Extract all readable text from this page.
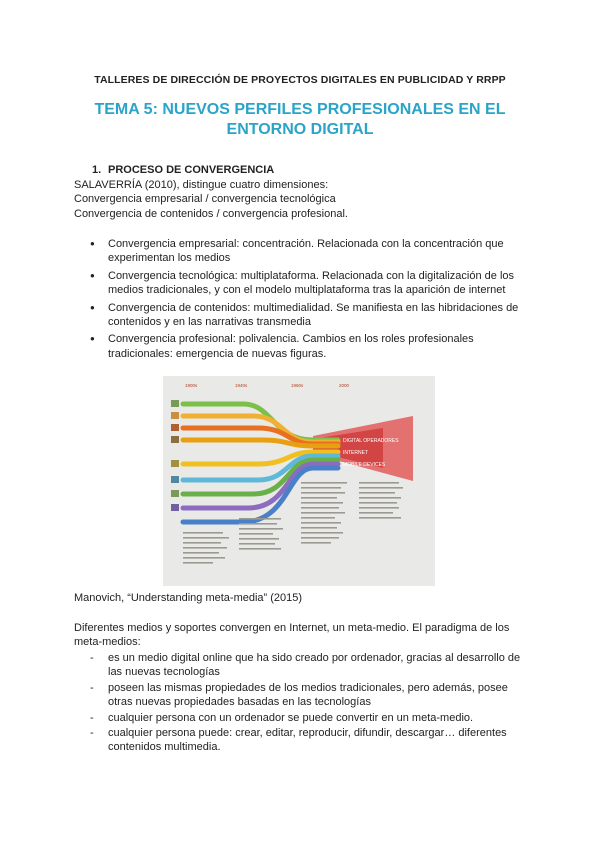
TALLERES DE DIRECCIÓN DE PROYECTOS DIGITALES EN PUBLICIDAD Y RRPP
TEMA 5: NUEVOS PERFILES PROFESIONALES EN EL ENTORNO DIGITAL
1. PROCESO DE CONVERGENCIA
SALAVERRÍA (2010), distingue cuatro dimensiones:
Convergencia empresarial / convergencia tecnológica
Convergencia de contenidos / convergencia profesional.
● Convergencia empresarial: concentración. Relacionada con la concentración que experimentan los medios
● Convergencia tecnológica: multiplataforma. Relacionada con la digitalización de los medios tradicionales, y con el modelo multiplataforma tras la aparición de internet
● Convergencia de contenidos: multimedialidad. Se manifiesta en las hibridaciones de contenidos y en las narrativas transmedia
● Convergencia profesional: polivalencia. Cambios en los roles profesionales tradicionales: emergencia de nuevas figuras.
1900s	1940s	1960s	2000
DIGITAL OPERADORES
INTERNET
MOBILE DEVICES
Manovich, “Understanding meta-media” (2015)
Diferentes medios y soportes convergen en Internet, un meta-medio. El paradigma de los meta-medios:
- es un medio digital online que ha sido creado por ordenador, gracias al desarrollo de las nuevas tecnologías
- poseen las mismas propiedades de los medios tradicionales, pero además, posee otras nuevas propiedades basadas en las tecnologías
- cualquier persona con un ordenador se puede convertir en un meta-medio.
- cualquier persona puede: crear, editar, reproducir, difundir, descargar… diferentes contenidos multimedia.
